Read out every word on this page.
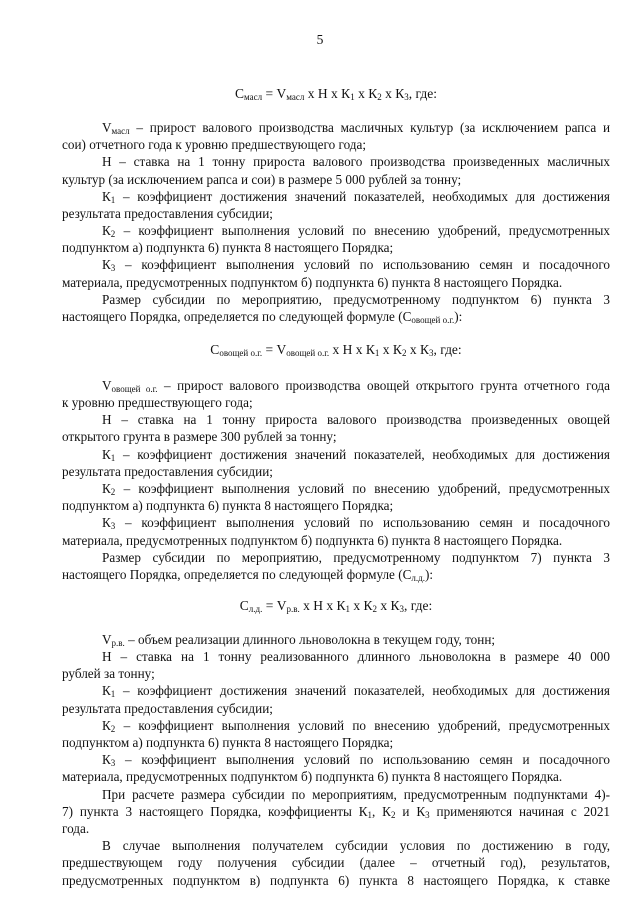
5
$С_{масл} = V_{масл}$ х Н х $К_1$ х $К_2$ х $К_3$, где:
$V_{масл}$ – прирост валового производства масличных культур (за исключением рапса и
сои) отчетного года к уровню предшествующего года;
Н – ставка на 1 тонну прироста валового производства произведенных масличных
культур (за исключением рапса и сои) в размере 5 000 рублей за тонну;
$К_1$ – коэффициент достижения значений показателей, необходимых для достижения
результата предоставления субсидии;
$К_2$ – коэффициент выполнения условий по внесению удобрений, предусмотренных
подпунктом а) подпункта 6) пункта 8 настоящего Порядка;
$К_3$ – коэффициент выполнения условий по использованию семян и посадочного
материала, предусмотренных подпунктом б) подпункта 6) пункта 8 настоящего Порядка.
Размер субсидии по мероприятию, предусмотренному подпунктом 6) пункта 3
настоящего Порядка, определяется по следующей формуле $(С_{овощей о.г.})$:
$С_{овощей о.г.} = V_{овощей о.г.}$ х Н х $К_1$ х $К_2$ х $К_3$, где:
$V_{овощей о.г.}$ – прирост валового производства овощей открытого грунта отчетного года
к уровню предшествующего года;
Н – ставка на 1 тонну прироста валового производства произведенных овощей
открытого грунта в размере 300 рублей за тонну;
$К_1$ – коэффициент достижения значений показателей, необходимых для достижения
результата предоставления субсидии;
$К_2$ – коэффициент выполнения условий по внесению удобрений, предусмотренных
подпунктом а) подпункта 6) пункта 8 настоящего Порядка;
$К_3$ – коэффициент выполнения условий по использованию семян и посадочного
материала, предусмотренных подпунктом б) подпункта 6) пункта 8 настоящего Порядка.
Размер субсидии по мероприятию, предусмотренному подпунктом 7) пункта 3
настоящего Порядка, определяется по следующей формуле $(С_{л.д.})$:
$С_{л.д.} = V_{р.в.}$ х Н х $К_1$ х $К_2$ х $К_3$, где:
$V_{р.в.}$ – объем реализации длинного льноволокна в текущем году, тонн;
Н – ставка на 1 тонну реализованного длинного льноволокна в размере 40 000
рублей за тонну;
$К_1$ – коэффициент достижения значений показателей, необходимых для достижения
результата предоставления субсидии;
$К_2$ – коэффициент выполнения условий по внесению удобрений, предусмотренных
подпунктом а) подпункта 6) пункта 8 настоящего Порядка;
$К_3$ – коэффициент выполнения условий по использованию семян и посадочного
материала, предусмотренных подпунктом б) подпункта 6) пункта 8 настоящего Порядка.
При расчете размера субсидии по мероприятиям, предусмотренным подпунктами 4)-
7) пункта 3 настоящего Порядка, коэффициенты $К_1$, $К_2$ и $К_3$ применяются начиная с 2021
года.
В случае выполнения получателем субсидии условия по достижению в году,
предшествующем году получения субсидии (далее – отчетный год), результатов,
предусмотренных подпунктом в) подпункта 6) пункта 8 настоящего Порядка, к ставке
